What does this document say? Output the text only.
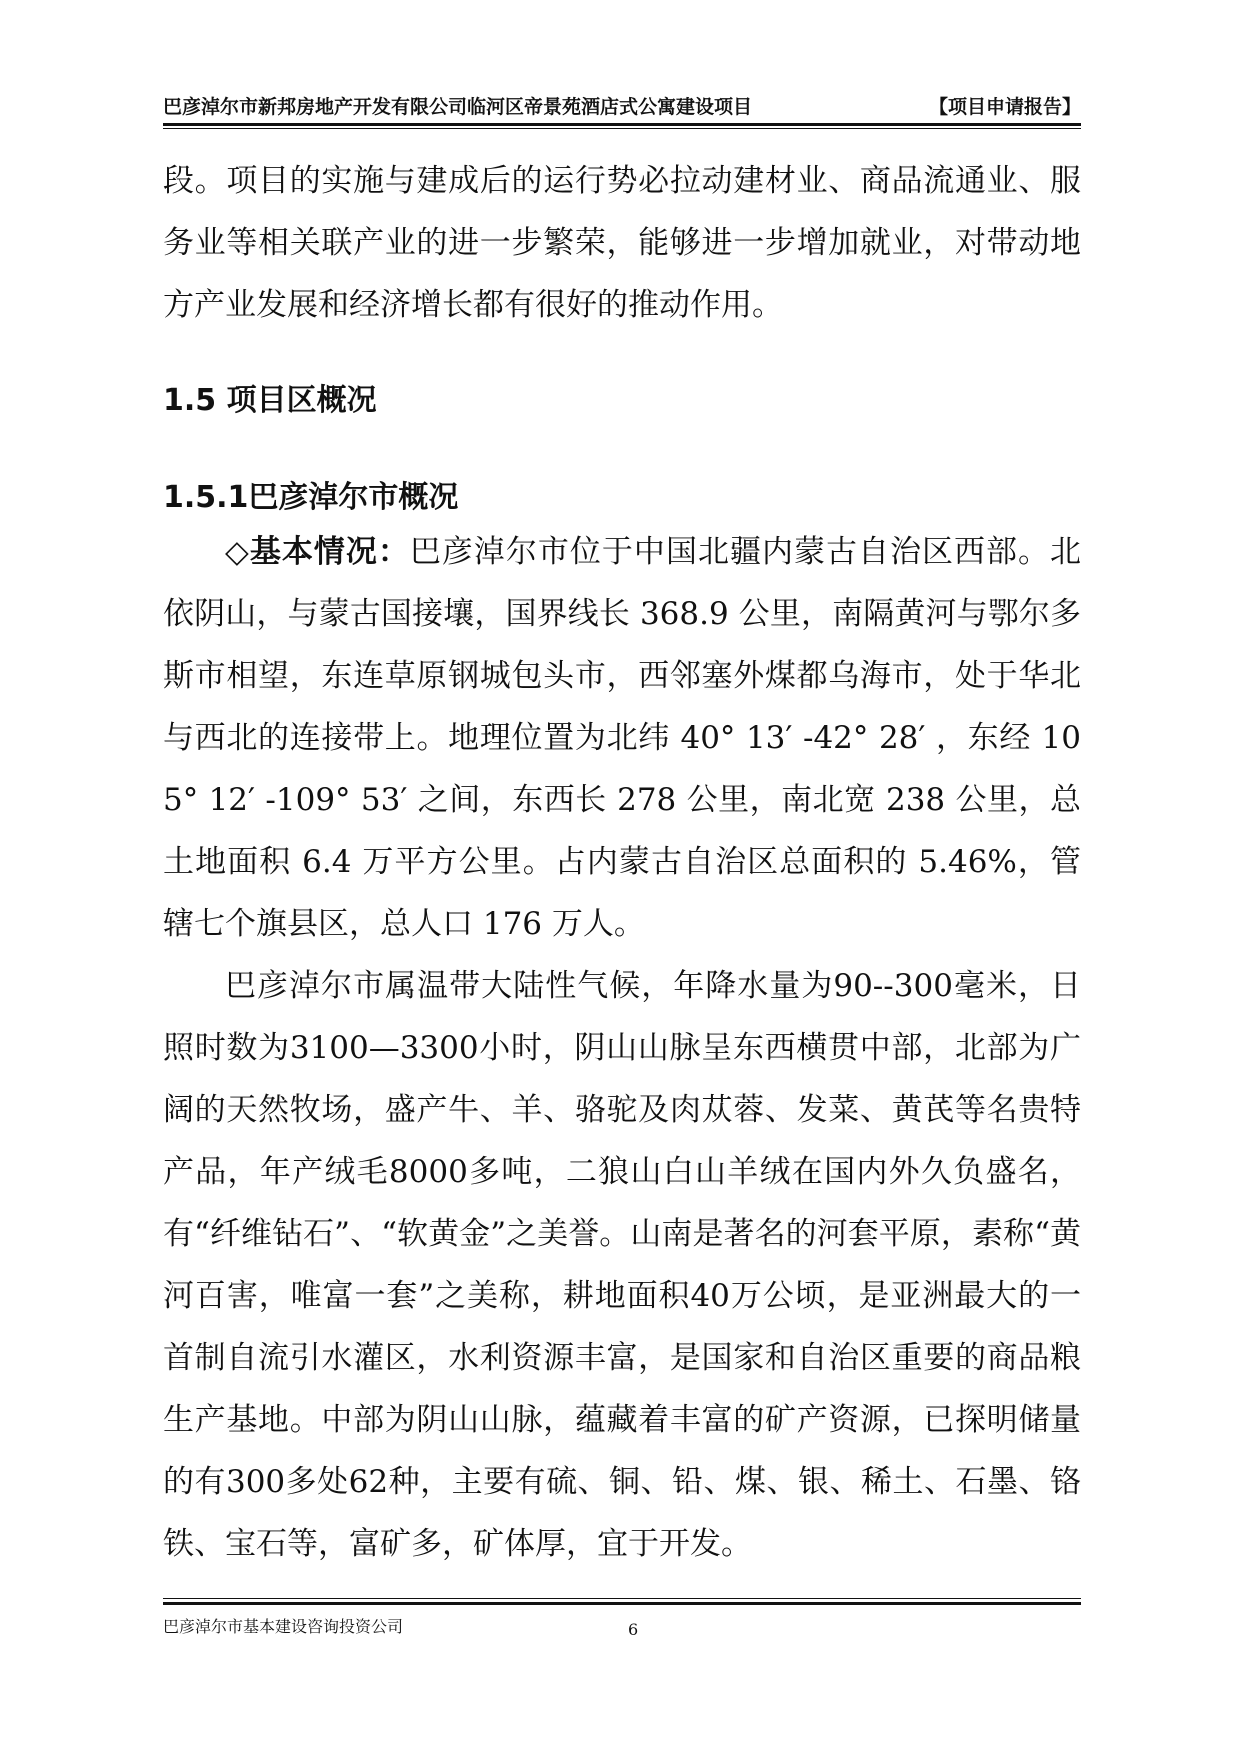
巴彦淖尔市新邦房地产开发有限公司临河区帝景苑酒店式公寓建设项目	【项目申请报告】

段。项目的实施与建成后的运行势必拉动建材业、商品流通业、服务业等相关联产业的进一步繁荣，能够进一步增加就业，对带动地方产业发展和经济增长都有很好的推动作用。

1.5 项目区概况

1.5.1巴彦淖尔市概况

◇基本情况：巴彦淖尔市位于中国北疆内蒙古自治区西部。北依阴山，与蒙古国接壤，国界线长 368.9 公里，南隔黄河与鄂尔多斯市相望，东连草原钢城包头市，西邻塞外煤都乌海市，处于华北与西北的连接带上。地理位置为北纬 40° 13′ -42° 28′ ，东经 105° 12′ -109° 53′ 之间，东西长 278 公里，南北宽 238 公里，总土地面积 6.4 万平方公里。占内蒙古自治区总面积的 5.46%，管辖七个旗县区，总人口 176 万人。

巴彦淖尔市属温带大陆性气候，年降水量为90--300毫米，日照时数为3100—3300小时，阴山山脉呈东西横贯中部，北部为广阔的天然牧场，盛产牛、羊、骆驼及肉苁蓉、发菜、黄芪等名贵特产品，年产绒毛8000多吨，二狼山白山羊绒在国内外久负盛名，有“纤维钻石”、“软黄金”之美誉。山南是著名的河套平原，素称“黄河百害，唯富一套”之美称，耕地面积40万公顷，是亚洲最大的一首制自流引水灌区，水利资源丰富，是国家和自治区重要的商品粮生产基地。中部为阴山山脉，蕴藏着丰富的矿产资源，已探明储量的有300多处62种，主要有硫、铜、铅、煤、银、稀土、石墨、铬铁、宝石等，富矿多，矿体厚，宜于开发。

巴彦淖尔市基本建设咨询投资公司	6
